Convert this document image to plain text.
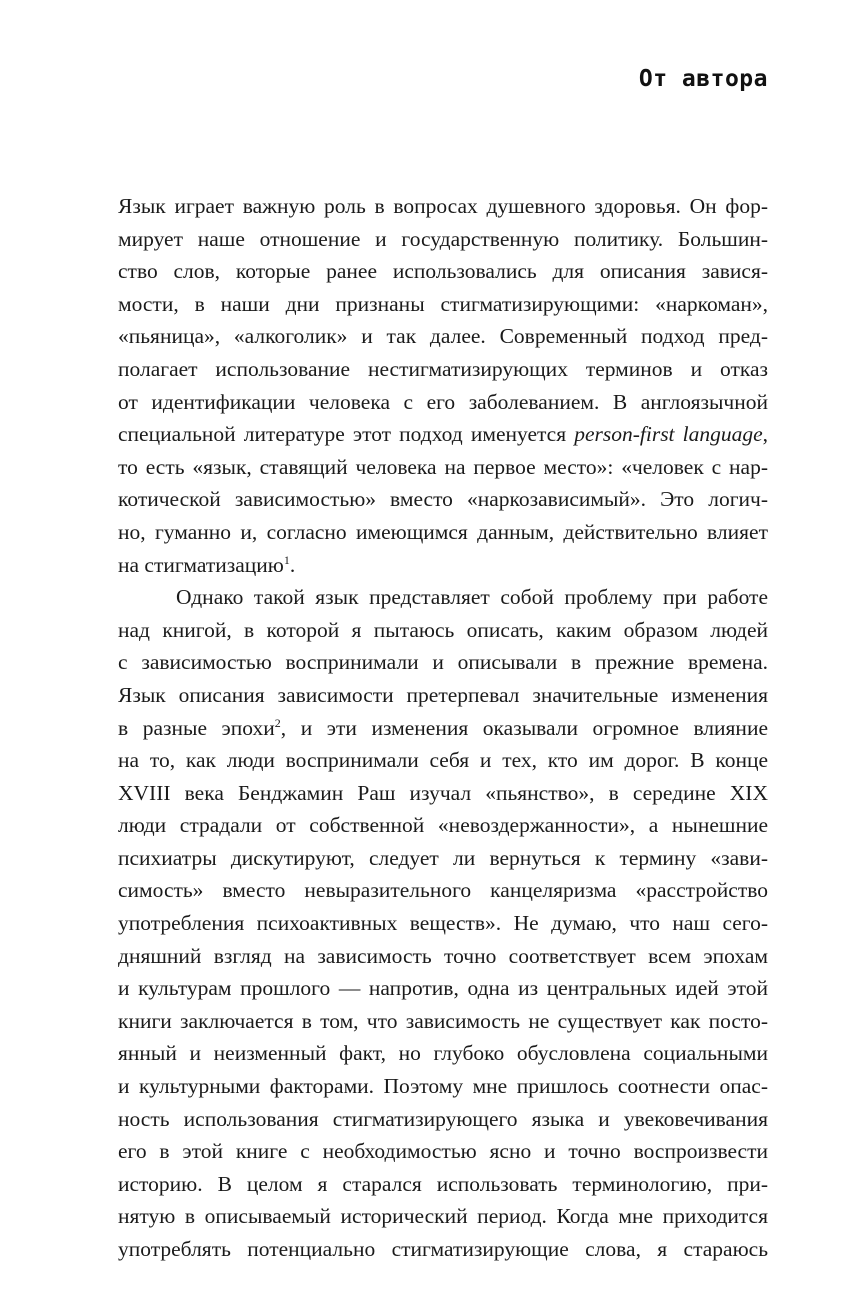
От автора
Язык играет важную роль в вопросах душевного здоровья. Он фор-
мирует наше отношение и государственную политику. Большин-
ство слов, которые ранее использовались для описания завися-
мости, в наши дни признаны стигматизирующими: «наркоман»,
«пьяница», «алкоголик» и так далее. Современный подход пред-
полагает использование нестигматизирующих терминов и отказ
от идентификации человека с его заболеванием. В англоязычной
специальной литературе этот подход именуется person-first language,
то есть «язык, ставящий человека на первое место»: «человек с нар-
котической зависимостью» вместо «наркозависимый». Это логич-
но, гуманно и, согласно имеющимся данным, действительно влияет
на стигматизацию$^1$.
Однако такой язык представляет собой проблему при работе
над книгой, в которой я пытаюсь описать, каким образом людей
с зависимостью воспринимали и описывали в прежние времена.
Язык описания зависимости претерпевал значительные изменения
в разные эпохи$^2$, и эти изменения оказывали огромное влияние
на то, как люди воспринимали себя и тех, кто им дорог. В конце
XVIII века Бенджамин Раш изучал «пьянство», в середине XIX
люди страдали от собственной «невоздержанности», а нынешние
психиатры дискутируют, следует ли вернуться к термину «зави-
симость» вместо невыразительного канцеляризма «расстройство
употребления психоактивных веществ». Не думаю, что наш сего-
дняшний взгляд на зависимость точно соответствует всем эпохам
и культурам прошлого — напротив, одна из центральных идей этой
книги заключается в том, что зависимость не существует как посто-
янный и неизменный факт, но глубоко обусловлена социальными
и культурными факторами. Поэтому мне пришлось соотнести опас-
ность использования стигматизирующего языка и увековечивания
его в этой книге с необходимостью ясно и точно воспроизвести
историю. В целом я старался использовать терминологию, при-
нятую в описываемый исторический период. Когда мне приходится
употреблять потенциально стигматизирующие слова, я стараюсь
